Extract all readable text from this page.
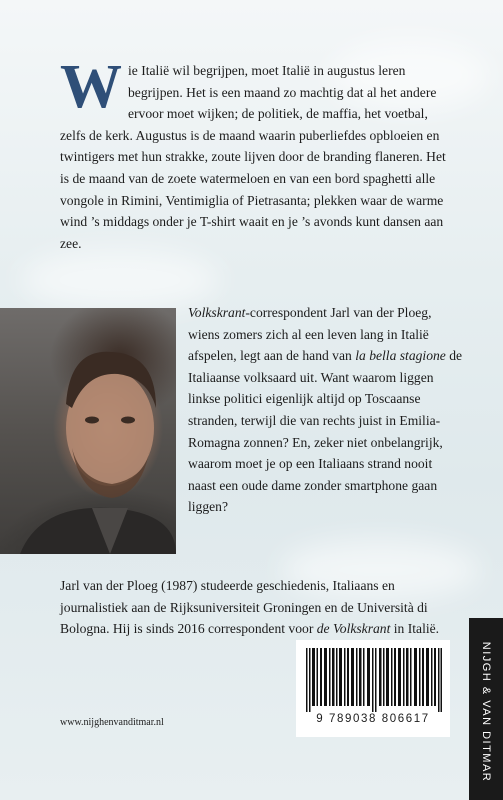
Wie Italië wil begrijpen, moet Italië in augustus leren begrijpen. Het is een maand zo machtig dat al het andere ervoor moet wijken; de politiek, de maffia, het voetbal, zelfs de kerk. Augustus is de maand waarin puberliefdes opbloeien en twintigers met hun strakke, zoute lijven door de branding flaneren. Het is de maand van de zoete watermeloen en van een bord spaghetti alle vongole in Rimini, Ventimiglia of Pietrasanta; plekken waar de warme wind ’s middags onder je T-shirt waait en je ’s avonds kunt dansen aan zee.
Volkskrant-correspondent Jarl van der Ploeg, wiens zomers zich al een leven lang in Italië afspelen, legt aan de hand van la bella stagione de Italiaanse volksaard uit. Want waarom liggen linkse politici eigenlijk altijd op Toscaanse stranden, terwijl die van rechts juist in Emilia-Romagna zonnen? En, zeker niet onbelangrijk, waarom moet je op een Italiaans strand nooit naast een oude dame zonder smartphone gaan liggen?
Jarl van der Ploeg (1987) studeerde geschiedenis, Italiaans en journalistiek aan de Rijksuniversiteit Groningen en de Università di Bologna. Hij is sinds 2016 correspondent voor de Volkskrant in Italië.
9 789038 806617	NIJGH & VAN DITMAR
www.nijghenvanditmar.nl
